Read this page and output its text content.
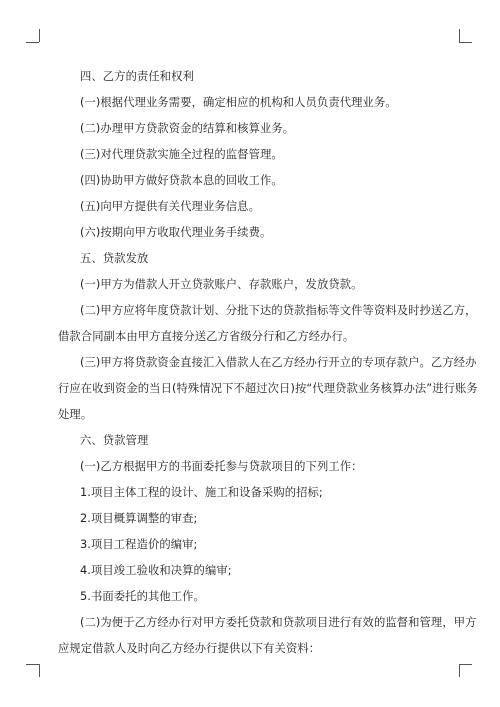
四、乙方的责任和权利
(一)根据代理业务需要，确定相应的机构和人员负责代理业务。
(二)办理甲方贷款资金的结算和核算业务。
(三)对代理贷款实施全过程的监督管理。
(四)协助甲方做好贷款本息的回收工作。
(五)向甲方提供有关代理业务信息。
(六)按期向甲方收取代理业务手续费。
五、贷款发放
(一)甲方为借款人开立贷款账户、存款账户，发放贷款。
(二)甲方应将年度贷款计划、分批下达的贷款指标等文件等资料及时抄送乙方，
借款合同副本由甲方直接分送乙方省级分行和乙方经办行。
(三)甲方将贷款资金直接汇入借款人在乙方经办行开立的专项存款户。乙方经办
行应在收到资金的当日(特殊情况下不超过次日)按“代理贷款业务核算办法”进行账务
处理。
六、贷款管理
(一)乙方根据甲方的书面委托参与贷款项目的下列工作：
1.项目主体工程的设计、施工和设备采购的招标;
2.项目概算调整的审查;
3.项目工程造价的编审;
4.项目竣工验收和决算的编审;
5.书面委托的其他工作。
(二)为便于乙方经办行对甲方委托贷款和贷款项目进行有效的监督和管理，甲方
应规定借款人及时向乙方经办行提供以下有关资料：
